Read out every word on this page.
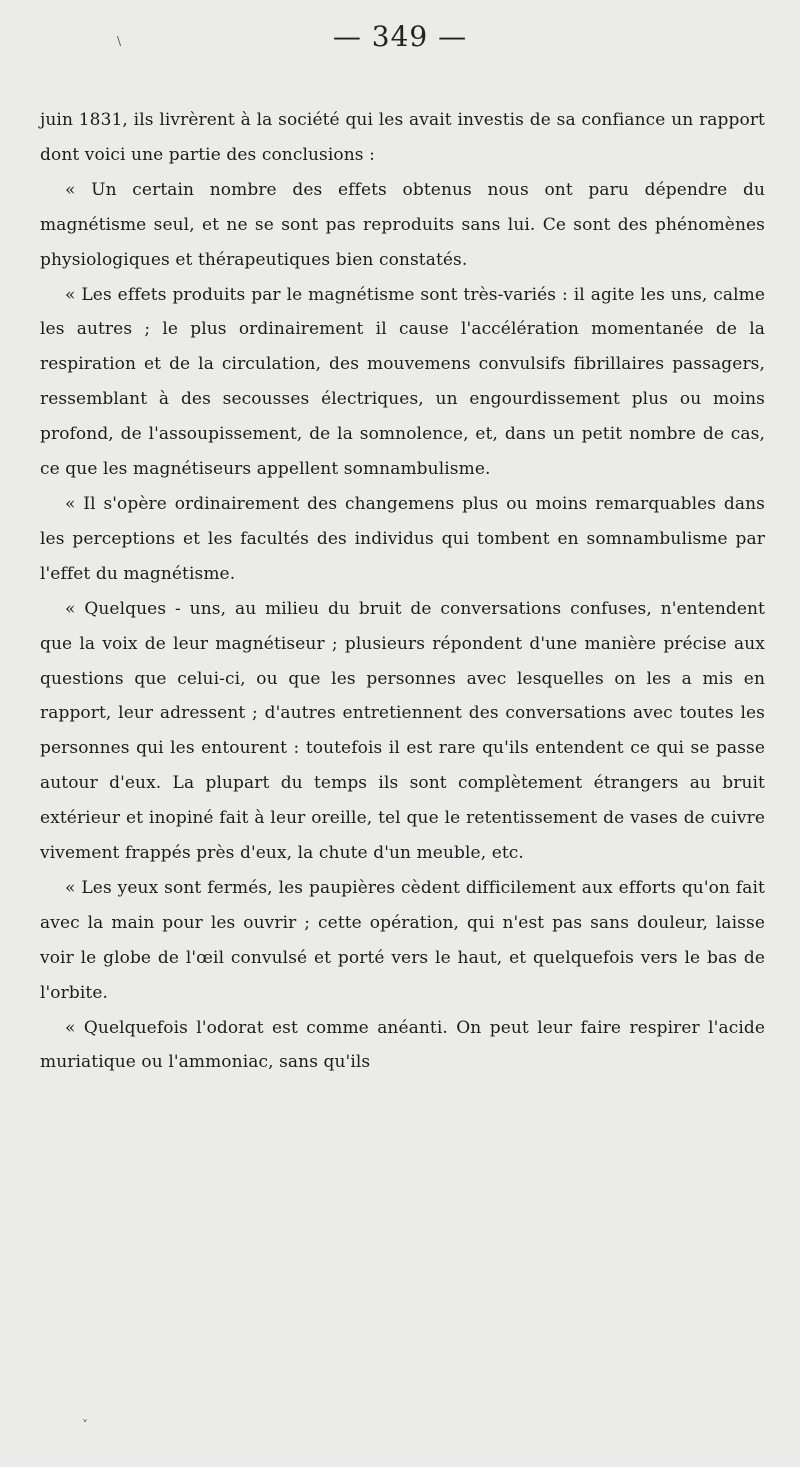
\	— 349 —

juin 1831, ils livrèrent à la société qui les avait investis de sa confiance un rapport dont voici une partie des conclusions :

« Un certain nombre des effets obtenus nous ont paru dépendre du magnétisme seul, et ne se sont pas reproduits sans lui. Ce sont des phénomènes physiologiques et thérapeutiques bien constatés.

« Les effets produits par le magnétisme sont très-variés : il agite les uns, calme les autres ; le plus ordinairement il cause l'accélération momentanée de la respiration et de la circulation, des mouvemens convulsifs fibrillaires passagers, ressemblant à des secousses électriques, un engourdissement plus ou moins profond, de l'assoupissement, de la somnolence, et, dans un petit nombre de cas, ce que les magnétiseurs appellent somnambulisme.

« Il s'opère ordinairement des changemens plus ou moins remarquables dans les perceptions et les facultés des individus qui tombent en somnambulisme par l'effet du magnétisme.

« Quelques - uns, au milieu du bruit de conversations confuses, n'entendent que la voix de leur magnétiseur ; plusieurs répondent d'une manière précise aux questions que celui-ci, ou que les personnes avec lesquelles on les a mis en rapport, leur adressent ; d'autres entretiennent des conversations avec toutes les personnes qui les entourent : toutefois il est rare qu'ils entendent ce qui se passe autour d'eux. La plupart du temps ils sont complètement étrangers au bruit extérieur et inopiné fait à leur oreille, tel que le retentissement de vases de cuivre vivement frappés près d'eux, la chute d'un meuble, etc.

« Les yeux sont fermés, les paupières cèdent difficilement aux efforts qu'on fait avec la main pour les ouvrir ; cette opération, qui n'est pas sans douleur, laisse voir le globe de l'œil convulsé et porté vers le haut, et quelquefois vers le bas de l'orbite.

« Quelquefois l'odorat est comme anéanti. On peut leur faire respirer l'acide muriatique ou l'ammoniac, sans qu'ils

˅
